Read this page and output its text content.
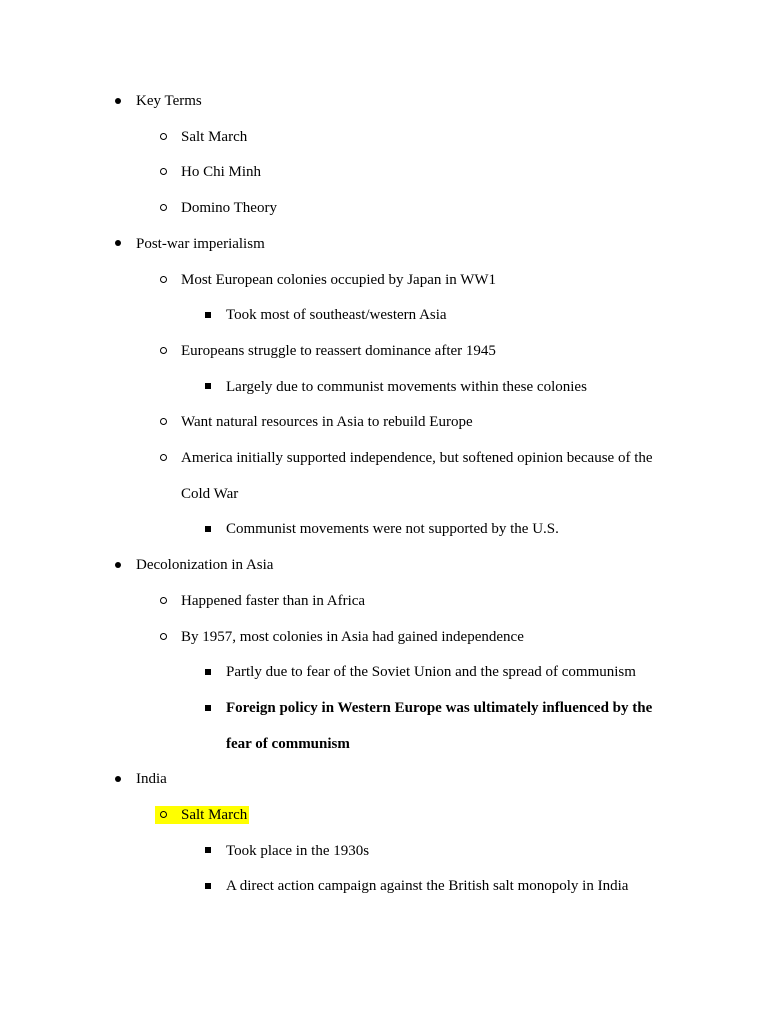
Key Terms
Salt March
Ho Chi Minh
Domino Theory
Post-war imperialism
Most European colonies occupied by Japan in WW1
Took most of southeast/western Asia
Europeans struggle to reassert dominance after 1945
Largely due to communist movements within these colonies
Want natural resources in Asia to rebuild Europe
America initially supported independence, but softened opinion because of the Cold War
Communist movements were not supported by the U.S.
Decolonization in Asia
Happened faster than in Africa
By 1957, most colonies in Asia had gained independence
Partly due to fear of the Soviet Union and the spread of communism
Foreign policy in Western Europe was ultimately influenced by the fear of communism
India
Salt March
Took place in the 1930s
A direct action campaign against the British salt monopoly in India
